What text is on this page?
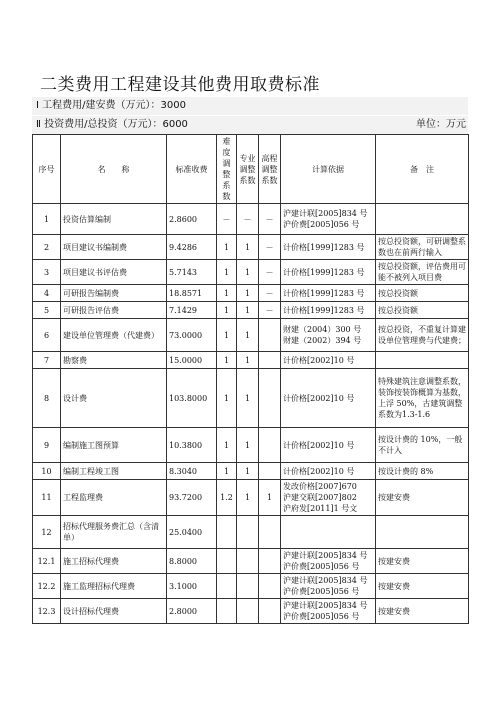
二类费用工程建设其他费用取费标准
Ⅰ 工程费用/建安费（万元）：3000
Ⅱ 投资费用/总投资（万元）：6000	单位：万元
序号	名　　称	标准收费	难度调整系数	专业调整系数	高程调整系数	计算依据	备　注
1	投资估算编制	2.8600	－	－	－	沪建计联[2005]834 号
沪价费[2005]056 号	
2	项目建议书编制费	9.4286	1	1	－	计价格[1999]1283 号	按总投资额，可研调整系数也在前两行输入
3	项目建议书评估费	5.7143	1	1	－	计价格[1999]1283 号	按总投资额，评估费用可能不被列入项目费
4	可研报告编制费	18.8571	1	1	－	计价格[1999]1283 号	按总投资额
5	可研报告评估费	7.1429	1	1	－	计价格[1999]1283 号	按总投资额
6	建设单位管理费（代建费）	73.0000	1	1		财建（2004）300 号
财建（2002）394 号	按总投资，不重复计算建设单位管理费与代建费；
7	勘察费	15.0000	1	1		计价格[2002]10 号	
8	设计费	103.8000	1	1		计价格[2002]10 号	特殊建筑注意调整系数，装饰按装饰概算为基数，上浮 50%，古建筑调整系数为1.3-1.6
9	编制施工图预算	10.3800	1	1		计价格[2002]10 号	按设计费的 10%，一般不计入
10	编制工程竣工图	8.3040	1	1		计价格[2002]10 号	按设计费的 8%
11	工程监理费	93.7200	1.2	1	1	发改价格[2007]670
沪建交联[2007]802
沪府发[2011]1 号文	按建安费
12	招标代理服务费汇总（含清单）	25.0400					
12.1	施工招标代理费	8.8000				沪建计联[2005]834 号
沪价费[2005]056 号	按建安费
12.2	施工监理招标代理费	3.1000				沪建计联[2005]834 号
沪价费[2005]056 号	按建安费
12.3	设计招标代理费	2.8000				沪建计联[2005]834 号
沪价费[2005]056 号	按建安费
